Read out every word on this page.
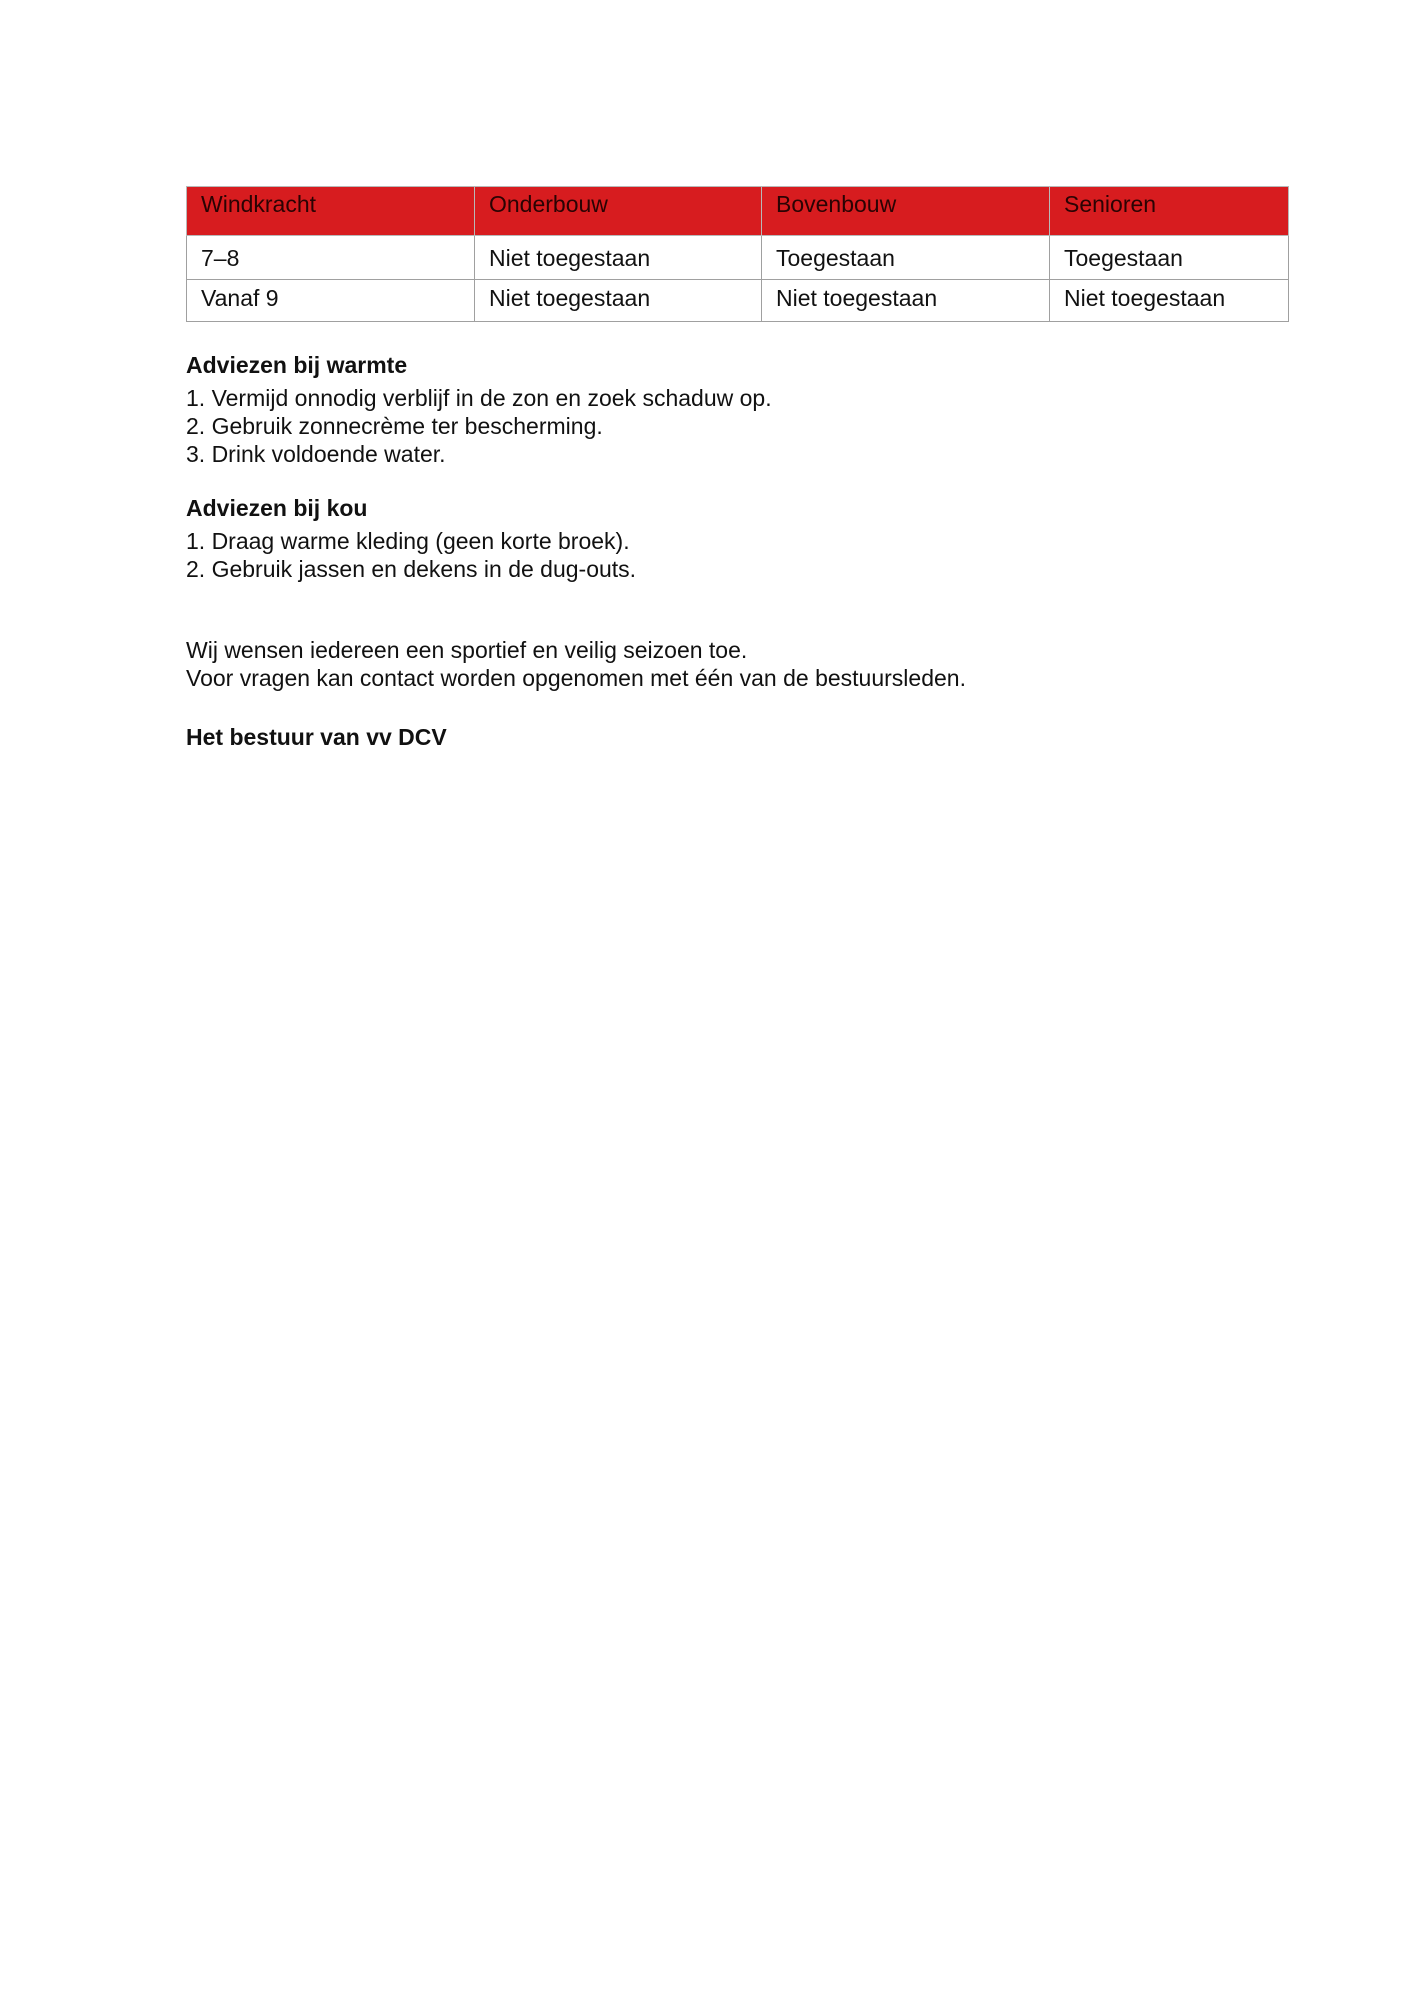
Windkracht	Onderbouw	Bovenbouw	Senioren
7–8	Niet toegestaan	Toegestaan	Toegestaan
Vanaf 9	Niet toegestaan	Niet toegestaan	Niet toegestaan

Adviezen bij warmte

1. Vermijd onnodig verblijf in de zon en zoek schaduw op.

2. Gebruik zonnecrème ter bescherming.

3. Drink voldoende water.

Adviezen bij kou

1. Draag warme kleding (geen korte broek).

2. Gebruik jassen en dekens in de dug-outs.

Wij wensen iedereen een sportief en veilig seizoen toe.

Voor vragen kan contact worden opgenomen met één van de bestuursleden.

Het bestuur van vv DCV
